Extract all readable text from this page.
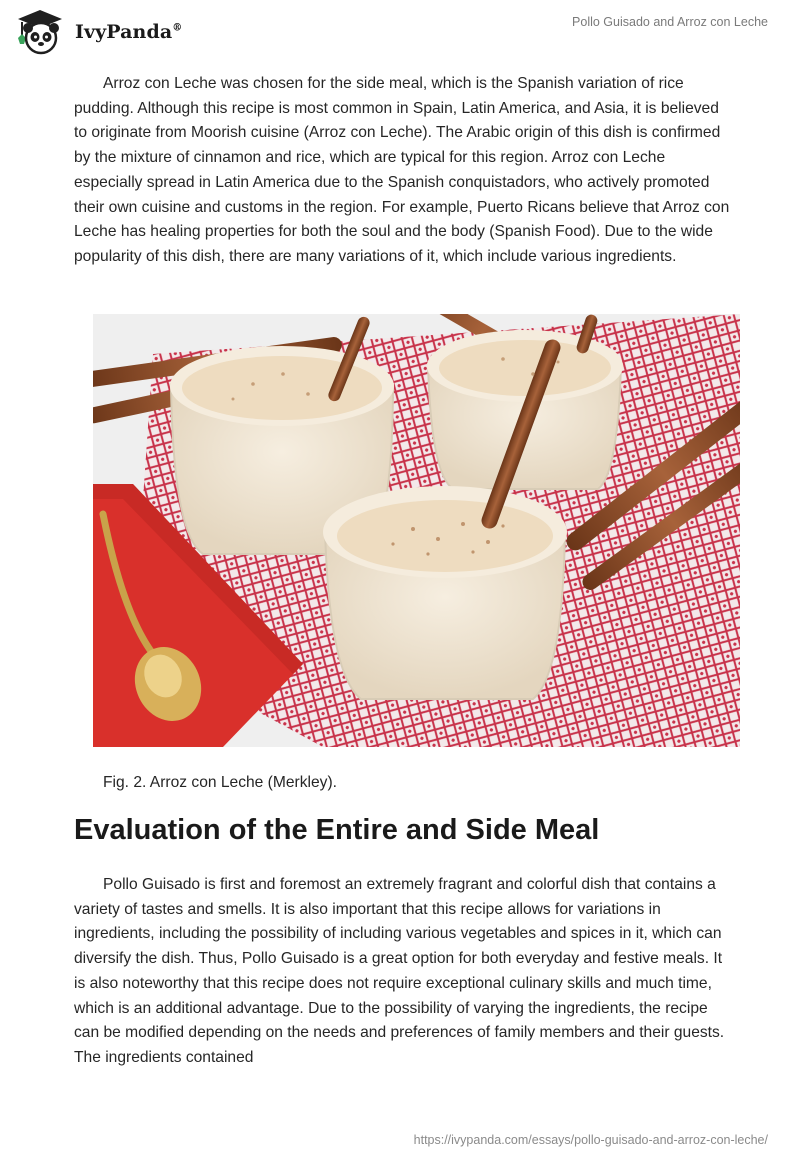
IvyPanda®	Pollo Guisado and Arroz con Leche

Arroz con Leche was chosen for the side meal, which is the Spanish variation of rice pudding. Although this recipe is most common in Spain, Latin America, and Asia, it is believed to originate from Moorish cuisine (Arroz con Leche). The Arabic origin of this dish is confirmed by the mixture of cinnamon and rice, which are typical for this region. Arroz con Leche especially spread in Latin America due to the Spanish conquistadors, who actively promoted their own cuisine and customs in the region. For example, Puerto Ricans believe that Arroz con Leche has healing properties for both the soul and the body (Spanish Food). Due to the wide popularity of this dish, there are many variations of it, which include various ingredients.

Fig. 2. Arroz con Leche (Merkley).
Evaluation of the Entire and Side Meal

Pollo Guisado is first and foremost an extremely fragrant and colorful dish that contains a variety of tastes and smells. It is also important that this recipe allows for variations in ingredients, including the possibility of including various vegetables and spices in it, which can diversify the dish. Thus, Pollo Guisado is a great option for both everyday and festive meals. It is also noteworthy that this recipe does not require exceptional culinary skills and much time, which is an additional advantage. Due to the possibility of varying the ingredients, the recipe can be modified depending on the needs and preferences of family members and their guests. The ingredients contained

https://ivypanda.com/essays/pollo-guisado-and-arroz-con-leche/
